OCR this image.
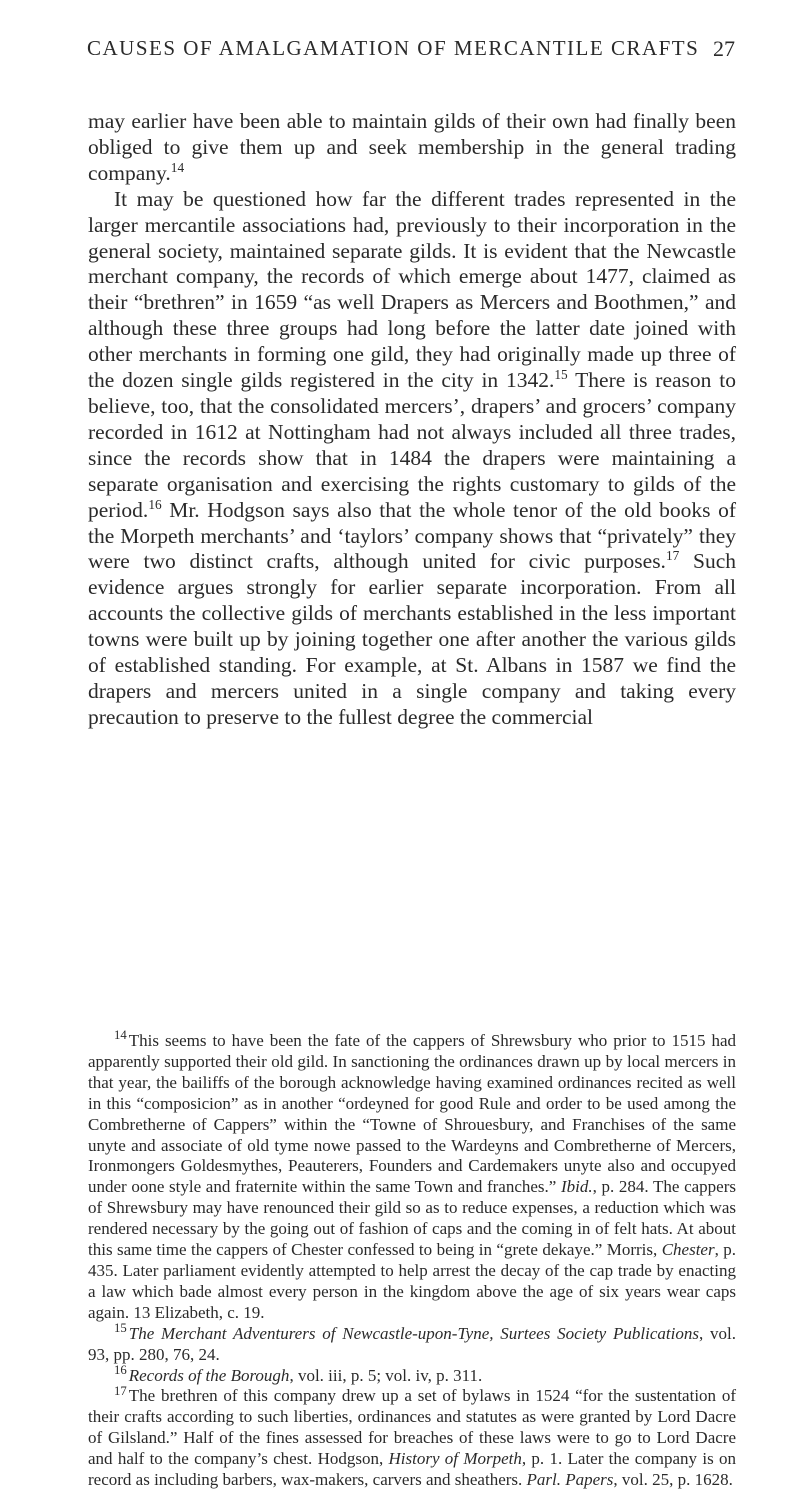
CAUSES OF AMALGAMATION OF MERCANTILE CRAFTS 27

may earlier have been able to maintain gilds of their own had finally been obliged to give them up and seek membership in the general trading company.$^{14}$

It may be questioned how far the different trades represented in the larger mercantile associations had, previously to their incorporation in the general society, maintained separate gilds. It is evident that the Newcastle merchant company, the records of which emerge about 1477, claimed as their “brethren” in 1659 “as well Drapers as Mercers and Boothmen,” and although these three groups had long before the latter date joined with other merchants in forming one gild, they had originally made up three of the dozen single gilds registered in the city in 1342.15 There is reason to believe, too, that the consolidated mercers’, drapers’ and grocers’ company recorded in 1612 at Nottingham had not always included all three trades, since the records show that in 1484 the drapers were maintaining a separate organisation and exercising the rights customary to gilds of the period.$^{16}$ Mr. Hodgson says also that the whole tenor of the old books of the Morpeth merchants’ and ‘taylors’ company shows that “privately” they were two distinct crafts, although united for civic purposes.$^{17}$ Such evidence argues strongly for earlier separate incorporation. From all accounts the collective gilds of merchants established in the less important towns were built up by joining together one after another the various gilds of established standing. For example, at St. Albans in 1587 we find the drapers and mercers united in a single company and taking every precaution to preserve to the fullest degree the commercial

$^{14}$ This seems to have been the fate of the cappers of Shrewsbury who prior to 1515 had apparently supported their old gild. In sanctioning the ordinances drawn up by local mercers in that year, the bailiffs of the borough acknowledge having examined ordinances recited as well in this “composicion” as in another “ordeyned for good Rule and order to be used among the Combretherne of Cappers” within the “Towne of Shrouesbury, and Franchises of the same unyte and associate of old tyme nowe passed to the Wardeyns and Combretherne of Mercers, Ironmongers Goldesmythes, Peauterers, Founders and Cardemakers unyte also and occupyed under oone style and fraternite within the same Town and franches.” Ibid., p. 284. The cappers of Shrewsbury may have renounced their gild so as to reduce expenses, a reduction which was rendered necessary by the going out of fashion of caps and the coming in of felt hats. At about this same time the cappers of Chester confessed to being in “grete dekaye.” Morris, Chester, p. 435. Later parliament evidently attempted to help arrest the decay of the cap trade by enacting a law which bade almost every person in the kingdom above the age of six years wear caps again. 13 Elizabeth, c. 19.

$^{15}$ The Merchant Adventurers of Newcastle-upon-Tyne, Surtees Society Publications, vol. 93, pp. 280, 76, 24.

$^{16}$ Records of the Borough, vol. iii, p. 5; vol. iv, p. 311.

$^{17}$ The brethren of this company drew up a set of bylaws in 1524 “for the sustentation of their crafts according to such liberties, ordinances and statutes as were granted by Lord Dacre of Gilsland.” Half of the fines assessed for breaches of these laws were to go to Lord Dacre and half to the company’s chest. Hodgson, History of Morpeth, p. 1. Later the company is on record as including barbers, wax-makers, carvers and sheathers. Parl. Papers, vol. 25, p. 1628.
